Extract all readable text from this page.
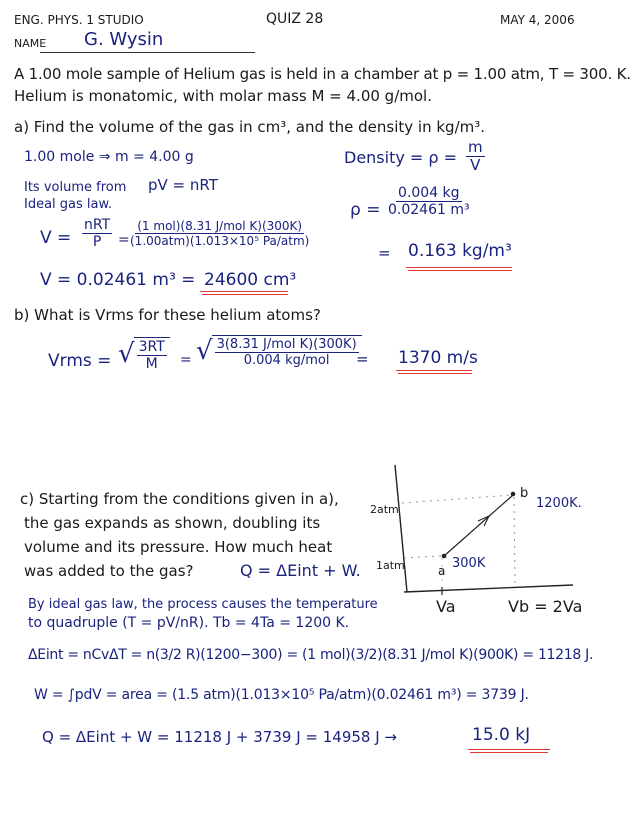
ENG. PHYS. 1 STUDIO	QUIZ 28	MAY 4, 2006
NAME G. Wysin
A 1.00 mole sample of Helium gas is held in a chamber at p = 1.00 atm, T = 300. K.
Helium is monatomic, with molar mass M = 4.00 g/mol.
a) Find the volume of the gas in cm³, and the density in kg/m³.
1.00 mole ⇒ m = 4.00 g
Its volume from pV = nRT
Ideal gas law.
$V = \frac{\text{nRT}}{P} = \frac{\text{(1 mol)(8.31 J/mol K)(300K)}}{\text{(1.00atm)(1.013×10⁵ Pa/atm)}}$
V = 0.02461 m³ = 24600 cm³
Density = $\rho = \frac{m}{V}$
$\rho = \frac{0.004 kg}{\text{0.02461 m³}}$
= 0.163 kg/m³
b) What is Vrms for these helium atoms?
Vrms = √ $\frac{3RT}{M}$ = √ $\frac{\text{3(8.31 J/mol K)(300K)}}{\text{0.004 kg/mol}}$
= 1370 m/s
c) Starting from the conditions given in a),
the gas expands as shown, doubling its
volume and its pressure. How much heat
was added to the gas?	Q = ΔEint + W.
2atm
1atm	a
b
300K
1200K.
Va	Vb = 2Va
By ideal gas law, the process causes the temperature
to quadruple (T = pV/nR). Tb = 4Ta = 1200 K.
ΔEint = nCvΔT = n(3/2 R)(1200−300) = (1 mol)(3/2)(8.31 J/mol K)(900K) = 11218 J.
W = ∫pdV = area = (1.5 atm)(1.013×10⁵ Pa/atm)(0.02461 m³) = 3739 J.
Q = ΔEint + W = 11218 J + 3739 J = 14958 J →	15.0 kJ
